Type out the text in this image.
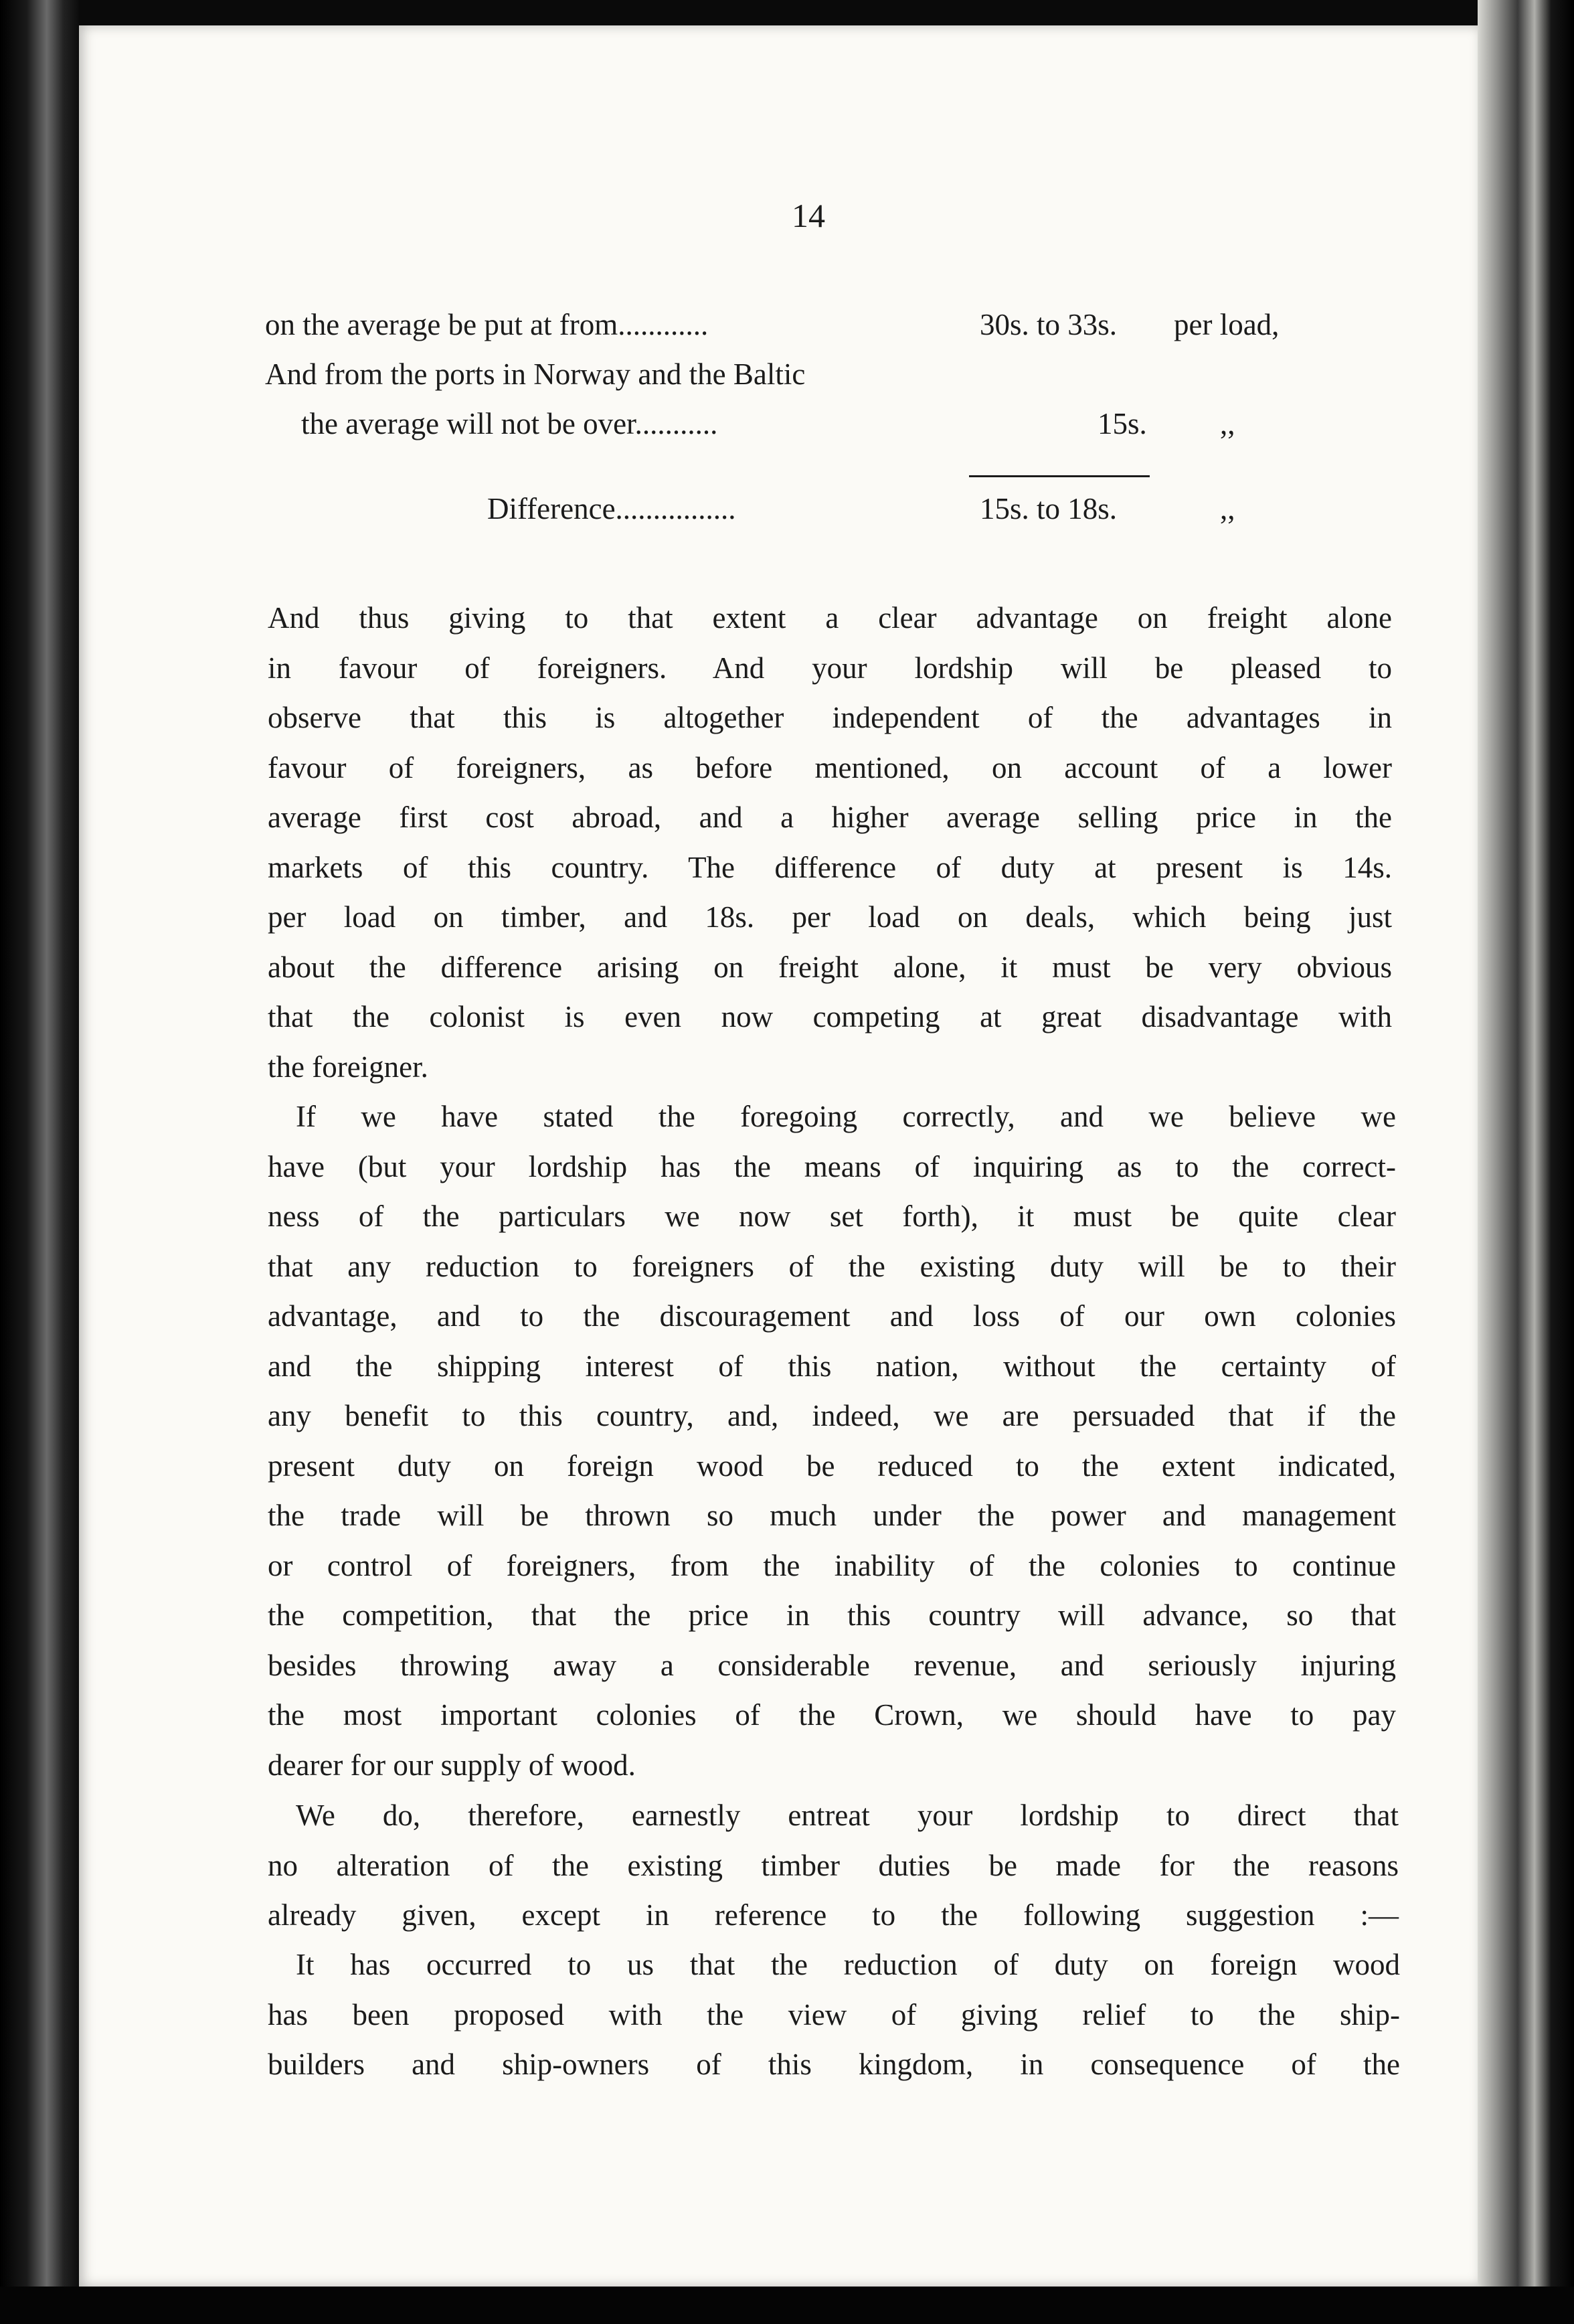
14
on the average be put at from............	30s. to 33s. per load,
And from the ports in Norway and the Baltic
the average will not be over...........	15s. ,,
Difference................	15s. to 18s.	,,
And thus giving to that extent a clear advantage on freight alone
in favour of foreigners. And your lordship will be pleased to
observe that this is altogether independent of the advantages in
favour of foreigners, as before mentioned, on account of a lower
average first cost abroad, and a higher average selling price in the
markets of this country. The difference of duty at present is 14s.
per load on timber, and 18s. per load on deals, which being just
about the difference arising on freight alone, it must be very obvious
that the colonist is even now competing at great disadvantage with
the foreigner.
If we have stated the foregoing correctly, and we believe we
have (but your lordship has the means of inquiring as to the correct-
ness of the particulars we now set forth), it must be quite clear
that any reduction to foreigners of the existing duty will be to their
advantage, and to the discouragement and loss of our own colonies
and the shipping interest of this nation, without the certainty of
any benefit to this country, and, indeed, we are persuaded that if the
present duty on foreign wood be reduced to the extent indicated,
the trade will be thrown so much under the power and management
or control of foreigners, from the inability of the colonies to continue
the competition, that the price in this country will advance, so that
besides throwing away a considerable revenue, and seriously injuring
the most important colonies of the Crown, we should have to pay
dearer for our supply of wood.
We do, therefore, earnestly entreat your lordship to direct that
no alteration of the existing timber duties be made for the reasons
already given, except in reference to the following suggestion :—
It has occurred to us that the reduction of duty on foreign wood
has been proposed with the view of giving relief to the ship-
builders and ship-owners of this kingdom, in consequence of the
